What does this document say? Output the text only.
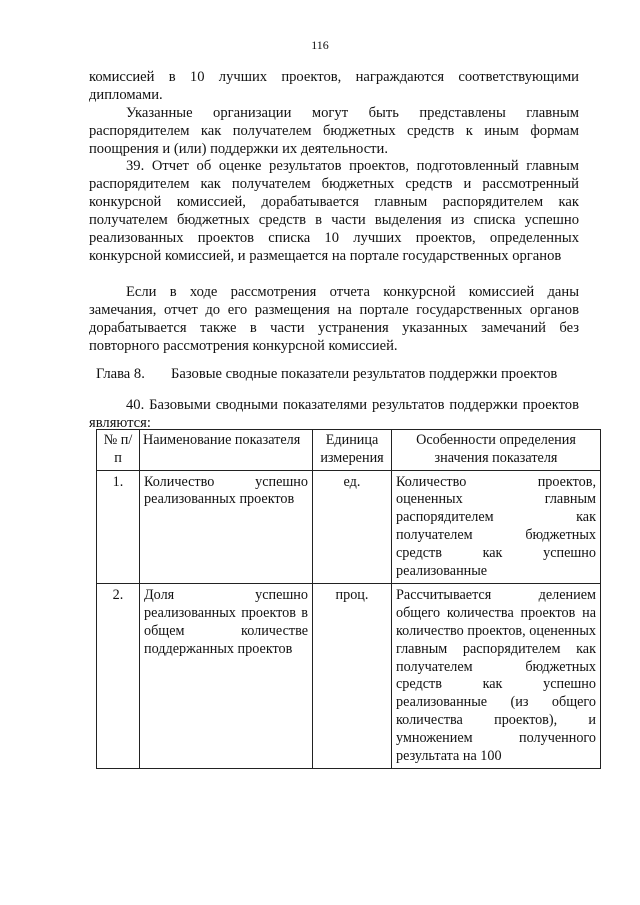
116

комиссией в 10 лучших проектов, награждаются соответствующими дипломами.

Указанные организации могут быть представлены главным распорядителем как получателем бюджетных средств к иным формам поощрения и (или) поддержки их деятельности.

39. Отчет об оценке результатов проектов, подготовленный главным распорядителем как получателем бюджетных средств и рассмотренный конкурсной комиссией, дорабатывается главным распорядителем как получателем бюджетных средств в части выделения из списка успешно реализованных проектов списка 10 лучших проектов, определенных конкурсной комиссией, и размещается на портале государственных органов

Если в ходе рассмотрения отчета конкурсной комиссией даны замечания, отчет до его размещения на портале государственных органов дорабатывается также в части устранения указанных замечаний без повторного рассмотрения конкурсной комиссией.

Глава 8. Базовые сводные показатели результатов поддержки проектов

40. Базовыми сводными показателями результатов поддержки проектов являются:

№ п/п	Наименование показателя	Единица измерения	Особенности определения значения показателя
1.	Количество успешно реализованных проектов	ед.	Количество проектов, оцененных главным распорядителем как получателем бюджетных средств как успешно реализованные
2.	Доля успешно реализованных проектов в общем количестве поддержанных проектов	проц.	Рассчитывается делением общего количества проектов на количество проектов, оцененных главным распорядителем как получателем бюджетных средств как успешно реализованные (из общего количества проектов), и умножением полученного результата на 100
